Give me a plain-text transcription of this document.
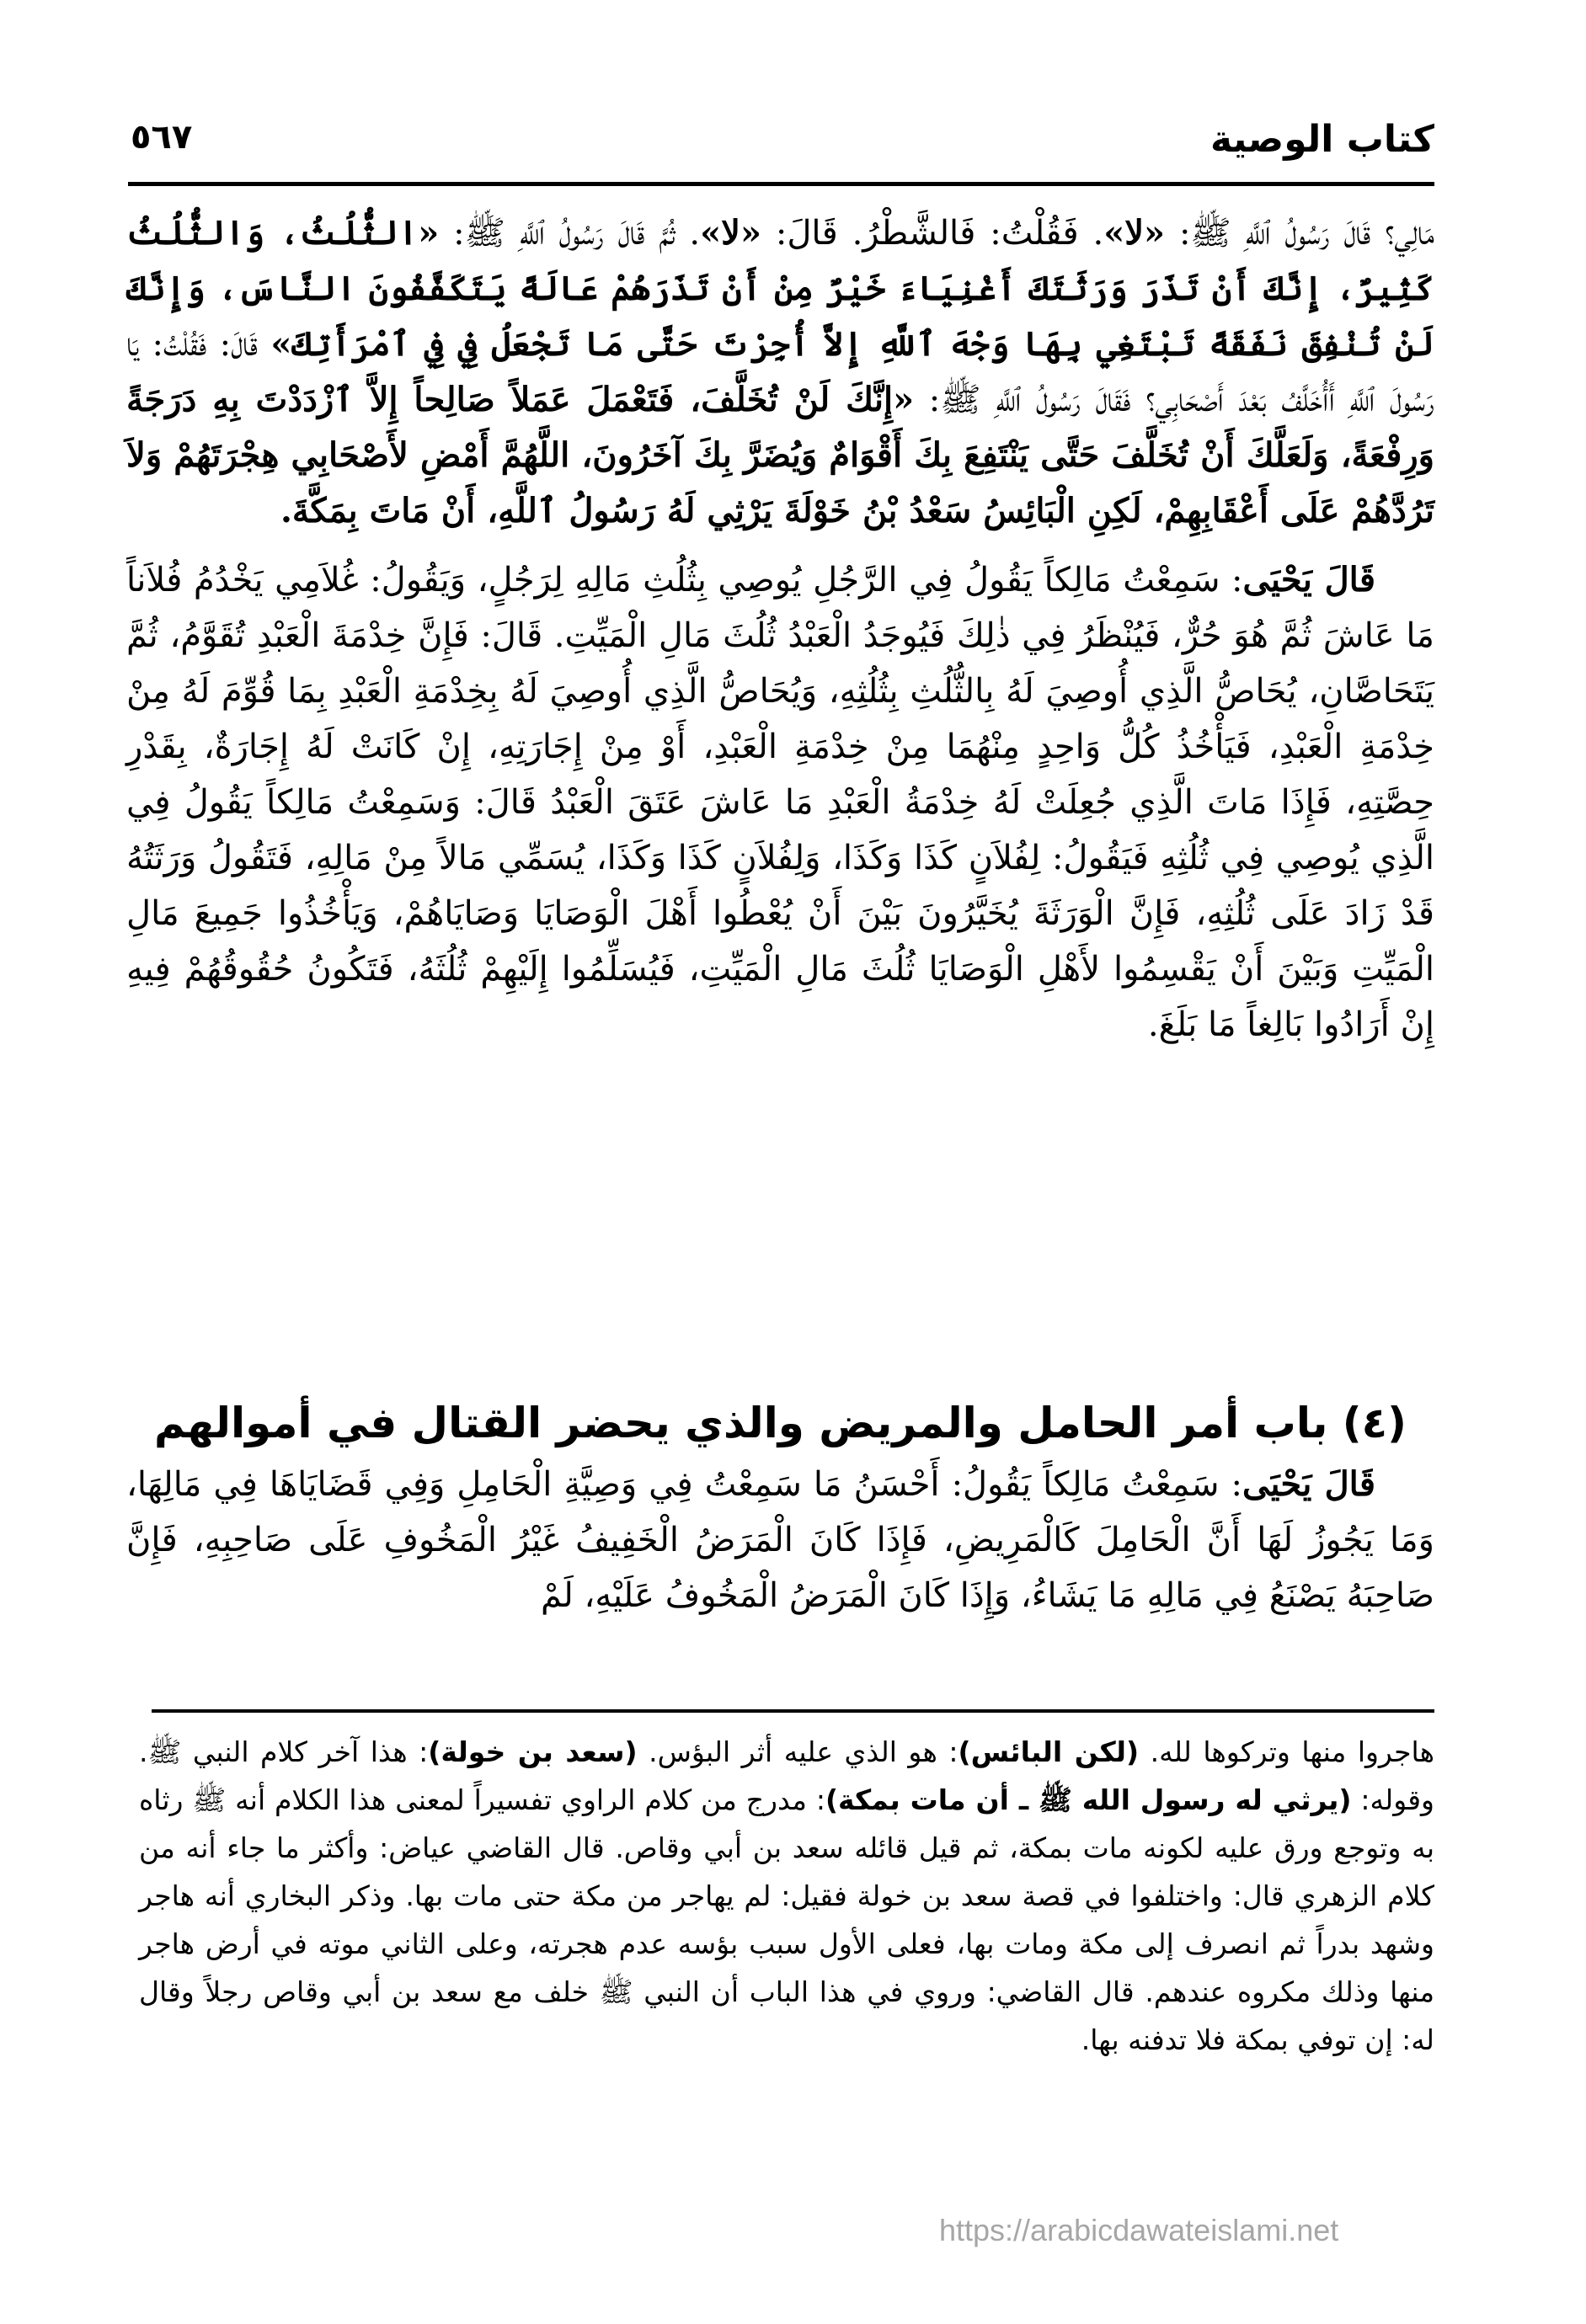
كتاب الوصية
٥٦٧

مَالِي؟ قَالَ رَسُولُ ٱللَّهِ ﷺ: «لا». فَقُلْتُ: فَالشَّطْرُ. قَالَ: «لا». ثُمَّ قَالَ رَسُولُ ٱللَّهِ ﷺ: «الثُّلُثُ، وَالثُّلُثُ كَثِيرٌ، إِنَّكَ أَنْ تَذَرَ وَرَثَتَكَ أَغْنِيَاءَ خَيْرٌ مِنْ أَنْ تَذَرَهُمْ عَالَةً يَتَكَفَّفُونَ النَّاسَ، وَإِنَّكَ لَنْ تُنْفِقَ نَفَقَةً تَبْتَغِي بِهَا وَجْهَ ٱللَّهِ إِلاَّ أُجِرْتَ حَتَّى مَا تَجْعَلُ فِي فِي ٱمْرَأَتِكَ» قَالَ: فَقُلْتُ: يَا رَسُولَ ٱللَّهِ أَأُخَلَّفُ بَعْدَ أَصْحَابِي؟ فَقَالَ رَسُولُ ٱللَّهِ ﷺ: «إِنَّكَ لَنْ تُخَلَّفَ، فَتَعْمَلَ عَمَلاً صَالِحاً إِلاَّ ٱزْدَدْتَ بِهِ دَرَجَةً وَرِفْعَةً، وَلَعَلَّكَ أَنْ تُخَلَّفَ حَتَّى يَنْتَفِعَ بِكَ أَقْوَامٌ وَيُضَرَّ بِكَ آخَرُونَ، اللَّهُمَّ أَمْضِ لأَصْحَابِي هِجْرَتَهُمْ وَلاَ تَرُدَّهُمْ عَلَى أَعْقَابِهِمْ، لَكِنِ الْبَائِسُ سَعْدُ بْنُ خَوْلَةَ يَرْثِي لَهُ رَسُولُ ٱللَّهِ، أَنْ مَاتَ بِمَكَّةَ.

قَالَ يَحْيَى: سَمِعْتُ مَالِكاً يَقُولُ فِي الرَّجُلِ يُوصِي بِثُلُثِ مَالِهِ لِرَجُلٍ، وَيَقُولُ: غُلاَمِي يَخْدُمُ فُلاَناً مَا عَاشَ ثُمَّ هُوَ حُرٌّ، فَيُنْظَرُ فِي ذٰلِكَ فَيُوجَدُ الْعَبْدُ ثُلُثَ مَالِ الْمَيِّتِ. قَالَ: فَإِنَّ خِدْمَةَ الْعَبْدِ تُقَوَّمُ، ثُمَّ يَتَحَاصَّانِ، يُحَاصُّ الَّذِي أُوصِيَ لَهُ بِالثُّلُثِ بِثُلُثِهِ، وَيُحَاصُّ الَّذِي أُوصِيَ لَهُ بِخِدْمَةِ الْعَبْدِ بِمَا قُوِّمَ لَهُ مِنْ خِدْمَةِ الْعَبْدِ، فَيَأْخُذُ كُلُّ وَاحِدٍ مِنْهُمَا مِنْ خِدْمَةِ الْعَبْدِ، أَوْ مِنْ إِجَارَتِهِ، إِنْ كَانَتْ لَهُ إِجَارَةٌ، بِقَدْرِ حِصَّتِهِ، فَإِذَا مَاتَ الَّذِي جُعِلَتْ لَهُ خِدْمَةُ الْعَبْدِ مَا عَاشَ عَتَقَ الْعَبْدُ قَالَ: وَسَمِعْتُ مَالِكاً يَقُولُ فِي الَّذِي يُوصِي فِي ثُلُثِهِ فَيَقُولُ: لِفُلاَنٍ كَذَا وَكَذَا، وَلِفُلاَنٍ كَذَا وَكَذَا، يُسَمِّي مَالاً مِنْ مَالِهِ، فَتَقُولُ وَرَثَتُهُ قَدْ زَادَ عَلَى ثُلُثِهِ، فَإِنَّ الْوَرَثَةَ يُخَيَّرُونَ بَيْنَ أَنْ يُعْطُوا أَهْلَ الْوَصَايَا وَصَايَاهُمْ، وَيَأْخُذُوا جَمِيعَ مَالِ الْمَيِّتِ وَبَيْنَ أَنْ يَقْسِمُوا لأَهْلِ الْوَصَايَا ثُلُثَ مَالِ الْمَيِّتِ، فَيُسَلِّمُوا إِلَيْهِمْ ثُلُثَهُ، فَتَكُونُ حُقُوقُهُمْ فِيهِ إِنْ أَرَادُوا بَالِغاً مَا بَلَغَ.

(٤) باب أمر الحامل والمريض والذي يحضر القتال في أموالهم

قَالَ يَحْيَى: سَمِعْتُ مَالِكاً يَقُولُ: أَحْسَنُ مَا سَمِعْتُ فِي وَصِيَّةِ الْحَامِلِ وَفِي قَضَايَاهَا فِي مَالِهَا، وَمَا يَجُوزُ لَهَا أَنَّ الْحَامِلَ كَالْمَرِيضِ، فَإِذَا كَانَ الْمَرَضُ الْخَفِيفُ غَيْرُ الْمَخُوفِ عَلَى صَاحِبِهِ، فَإِنَّ صَاحِبَهُ يَصْنَعُ فِي مَالِهِ مَا يَشَاءُ، وَإِذَا كَانَ الْمَرَضُ الْمَخُوفُ عَلَيْهِ، لَمْ

هاجروا منها وتركوها لله. (لكن البائس): هو الذي عليه أثر البؤس. (سعد بن خولة): هذا آخر كلام النبي ﷺ. وقوله: (يرثي له رسول الله ﷺ ـ أن مات بمكة): مدرج من كلام الراوي تفسيراً لمعنى هذا الكلام أنه ﷺ رثاه به وتوجع ورق عليه لكونه مات بمكة، ثم قيل قائله سعد بن أبي وقاص. قال القاضي عياض: وأكثر ما جاء أنه من كلام الزهري قال: واختلفوا في قصة سعد بن خولة فقيل: لم يهاجر من مكة حتى مات بها. وذكر البخاري أنه هاجر وشهد بدراً ثم انصرف إلى مكة ومات بها، فعلى الأول سبب بؤسه عدم هجرته، وعلى الثاني موته في أرض هاجر منها وذلك مكروه عندهم. قال القاضي: وروي في هذا الباب أن النبي ﷺ خلف مع سعد بن أبي وقاص رجلاً وقال له: إن توفي بمكة فلا تدفنه بها.

https://arabicdawateislami.net
